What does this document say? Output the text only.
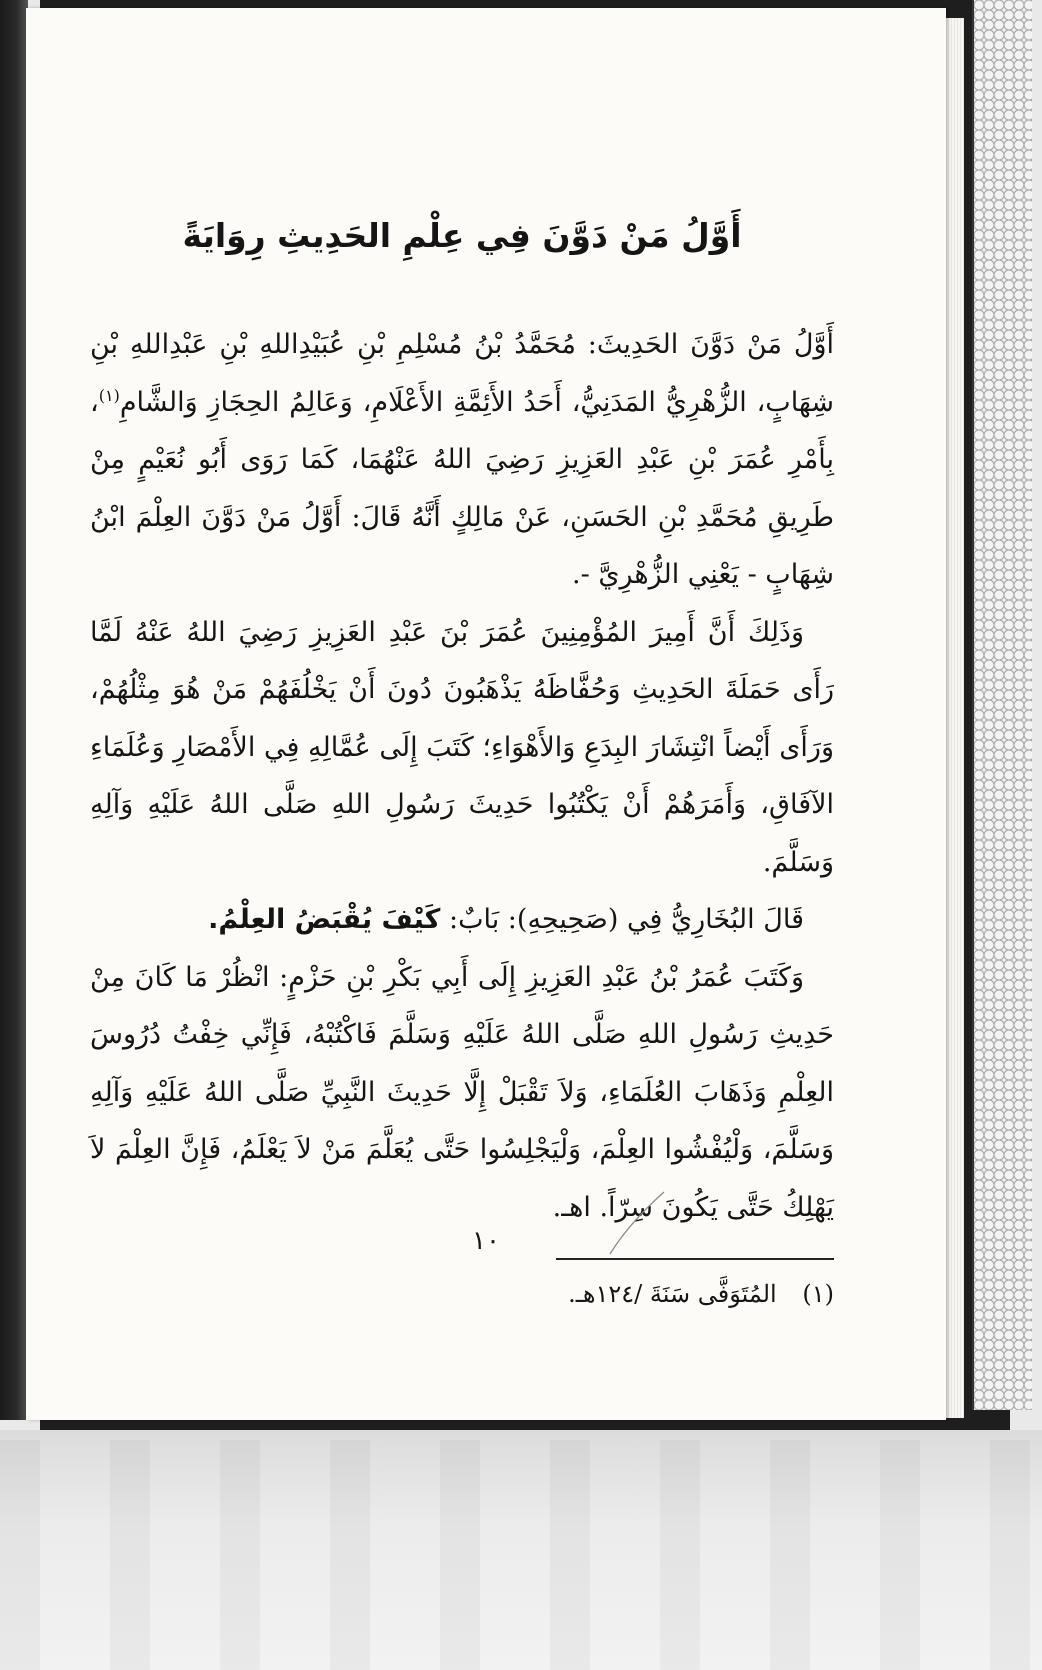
أَوَّلُ مَنْ دَوَّنَ فِي عِلْمِ الحَدِيثِ رِوَايَةً

أَوَّلُ مَنْ دَوَّنَ الحَدِيثَ: مُحَمَّدُ بْنُ مُسْلِمِ بْنِ عُبَيْدِاللهِ بْنِ عَبْدِاللهِ بْنِ شِهَابٍ، الزُّهْرِيُّ المَدَنِيُّ، أَحَدُ الأَئِمَّةِ الأَعْلَامِ، وَعَالِمُ الحِجَازِ وَالشَّامِ$^{(١)}$، بِأَمْرِ عُمَرَ بْنِ عَبْدِ العَزِيزِ رَضِيَ اللهُ عَنْهُمَا، كَمَا رَوَى أَبُو نُعَيْمٍ مِنْ طَرِيقِ مُحَمَّدِ بْنِ الحَسَنِ، عَنْ مَالِكٍ أَنَّهُ قَالَ: أَوَّلُ مَنْ دَوَّنَ العِلْمَ ابْنُ شِهَابٍ - يَعْنِي الزُّهْرِيَّ -.

وَذَلِكَ أَنَّ أَمِيرَ المُؤْمِنِينَ عُمَرَ بْنَ عَبْدِ العَزِيزِ رَضِيَ اللهُ عَنْهُ لَمَّا رَأَى حَمَلَةَ الحَدِيثِ وَحُفَّاظَهُ يَذْهَبُونَ دُونَ أَنْ يَخْلُفَهُمْ مَنْ هُوَ مِثْلُهُمْ، وَرَأَى أَيْضاً انْتِشَارَ البِدَعِ وَالأَهْوَاءِ؛ كَتَبَ إِلَى عُمَّالِهِ فِي الأَمْصَارِ وَعُلَمَاءِ الآفَاقِ، وَأَمَرَهُمْ أَنْ يَكْتُبُوا حَدِيثَ رَسُولِ اللهِ صَلَّى اللهُ عَلَيْهِ وَآلِهِ وَسَلَّمَ.

قَالَ البُخَارِيُّ فِي (صَحِيحِهِ): بَابٌ: كَيْفَ يُقْبَضُ العِلْمُ.

وَكَتَبَ عُمَرُ بْنُ عَبْدِ العَزِيزِ إِلَى أَبِي بَكْرِ بْنِ حَزْمٍ: انْظُرْ مَا كَانَ مِنْ حَدِيثِ رَسُولِ اللهِ صَلَّى اللهُ عَلَيْهِ وَسَلَّمَ فَاكْتُبْهُ، فَإِنِّي خِفْتُ دُرُوسَ العِلْمِ وَذَهَابَ العُلَمَاءِ، وَلاَ تَقْبَلْ إِلَّا حَدِيثَ النَّبِيِّ صَلَّى اللهُ عَلَيْهِ وَآلِهِ وَسَلَّمَ، وَلْيُفْشُوا العِلْمَ، وَلْيَجْلِسُوا حَتَّى يُعَلَّمَ مَنْ لاَ يَعْلَمُ، فَإِنَّ العِلْمَ لاَ يَهْلِكُ حَتَّى يَكُونَ سِرّاً. اهـ.

(١) المُتَوَفَّى سَنَةَ /١٢٤هـ.

١٠
